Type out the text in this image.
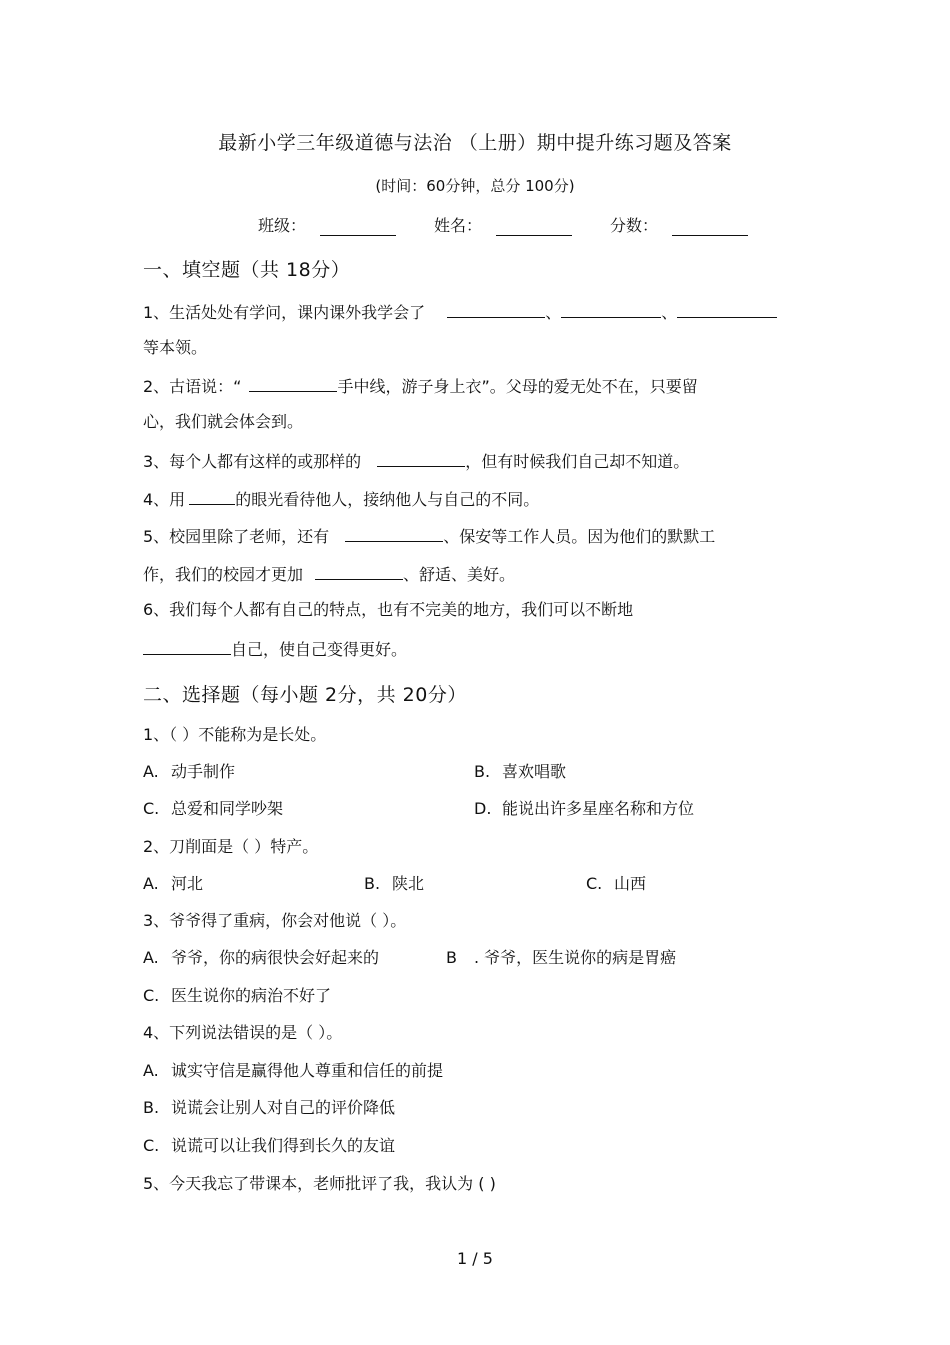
最新小学三年级道德与法治 （上册）期中提升练习题及答案
(时间：60分钟，总分 100分)
班级：	姓名：	分数：
一、填空题（共 18分）
1、生活处处有学问，课内课外我学会了	、	、
等本领。
2、古语说：“	手中线，游子身上衣”。父母的爱无处不在，只要留
心，我们就会体会到。
3、每个人都有这样的或那样的	，但有时候我们自己却不知道。
4、用	的眼光看待他人，接纳他人与自己的不同。
5、校园里除了老师，还有	、保安等工作人员。因为他们的默默工
作，我们的校园才更加	、舒适、美好。
6、我们每个人都有自己的特点，也有不完美的地方，我们可以不断地
自己，使自己变得更好。
二、选择题（每小题 2分，共 20分）
1、（ ）不能称为是长处。
A. 动手制作	B. 喜欢唱歌
C. 总爱和同学吵架	D. 能说出许多星座名称和方位
2、刀削面是（ ）特产。
A. 河北	B. 陕北	C. 山西
3、爷爷得了重病，你会对他说（ ）。
A. 爷爷，你的病很快会好起来的	B . 爷爷，医生说你的病是胃癌
C. 医生说你的病治不好了
4、下列说法错误的是（ ）。
A. 诚实守信是赢得他人尊重和信任的前提
B. 说谎会让别人对自己的评价降低
C. 说谎可以让我们得到长久的友谊
5、今天我忘了带课本，老师批评了我，我认为 ( )
1 / 5
